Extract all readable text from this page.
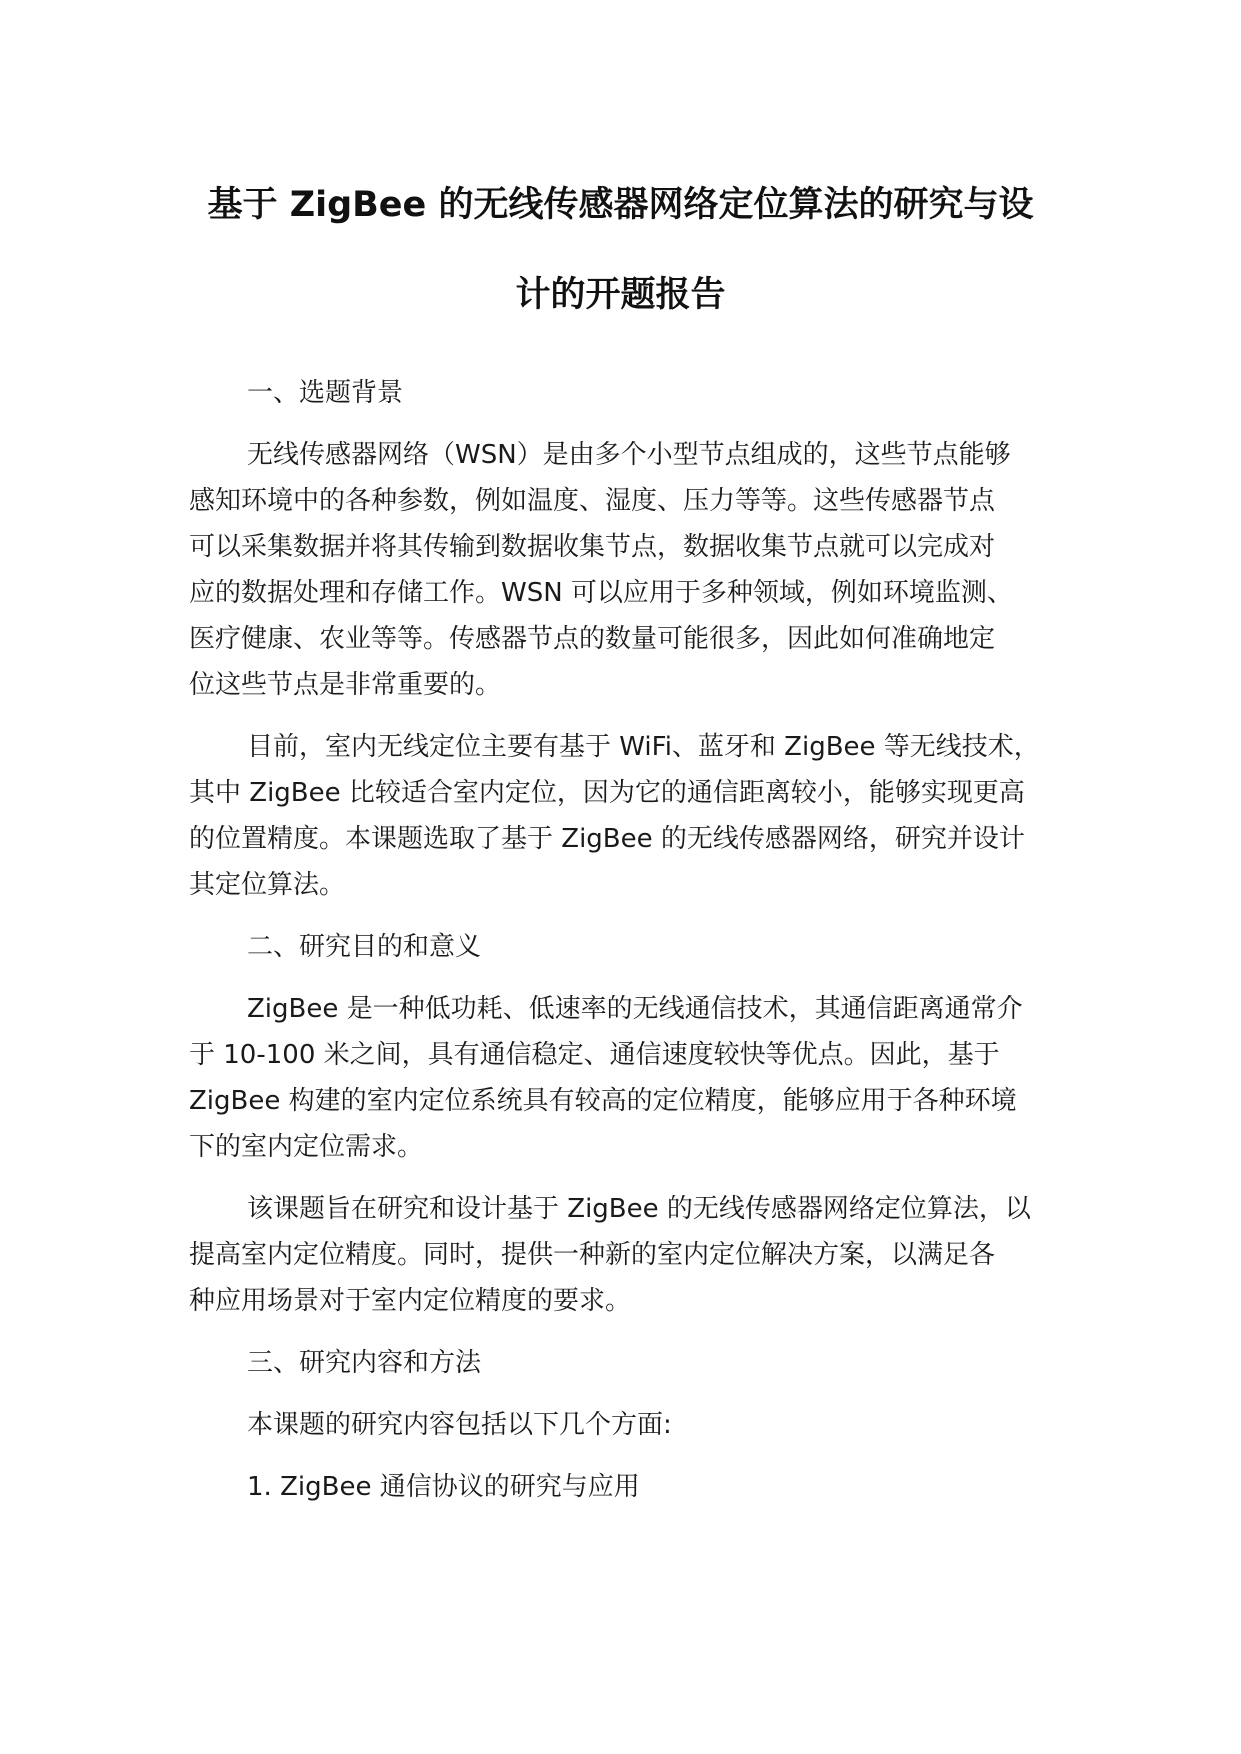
基于 ZigBee 的无线传感器网络定位算法的研究与设
计的开题报告

一、选题背景

无线传感器网络（WSN）是由多个小型节点组成的，这些节点能够
感知环境中的各种参数，例如温度、湿度、压力等等。这些传感器节点
可以采集数据并将其传输到数据收集节点，数据收集节点就可以完成对
应的数据处理和存储工作。WSN 可以应用于多种领域，例如环境监测、
医疗健康、农业等等。传感器节点的数量可能很多，因此如何准确地定
位这些节点是非常重要的。

目前，室内无线定位主要有基于 WiFi、蓝牙和 ZigBee 等无线技术，
其中 ZigBee 比较适合室内定位，因为它的通信距离较小，能够实现更高
的位置精度。本课题选取了基于 ZigBee 的无线传感器网络，研究并设计
其定位算法。

二、研究目的和意义

ZigBee 是一种低功耗、低速率的无线通信技术，其通信距离通常介
于 10-100 米之间，具有通信稳定、通信速度较快等优点。因此，基于
ZigBee 构建的室内定位系统具有较高的定位精度，能够应用于各种环境
下的室内定位需求。

该课题旨在研究和设计基于 ZigBee 的无线传感器网络定位算法，以
提高室内定位精度。同时，提供一种新的室内定位解决方案，以满足各
种应用场景对于室内定位精度的要求。

三、研究内容和方法

本课题的研究内容包括以下几个方面:

1. ZigBee 通信协议的研究与应用
